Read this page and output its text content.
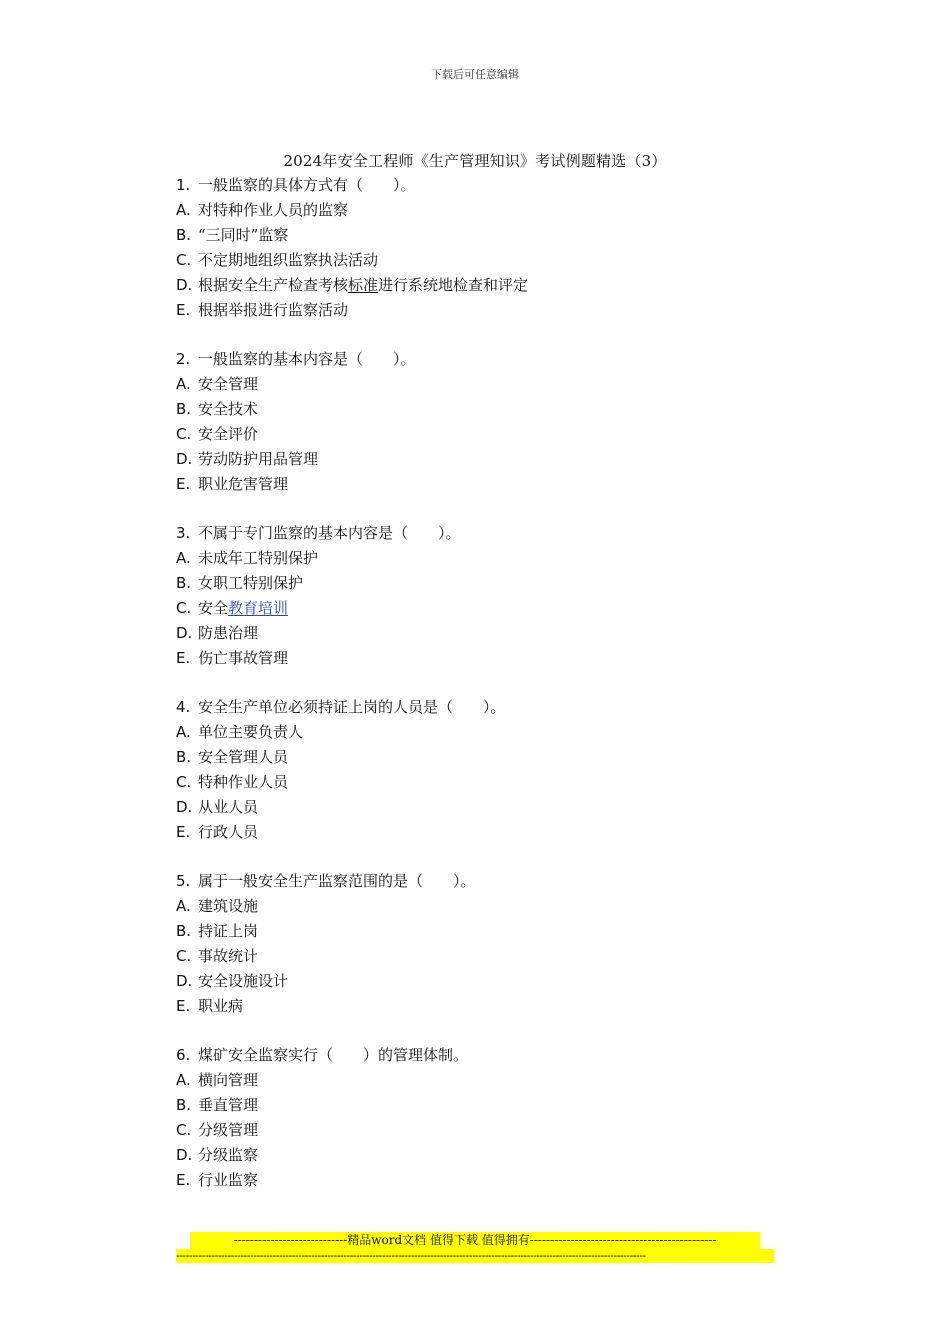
下载后可任意编辑
2024年安全工程师《生产管理知识》考试例题精选（3）
1. 一般监察的具体方式有（　　）。
A. 对特种作业人员的监察
B. “三同时”监察
C. 不定期地组织监察执法活动
D. 根据安全生产检查考核标准进行系统地检查和评定
E. 根据举报进行监察活动
2. 一般监察的基本内容是（　　）。
A. 安全管理
B. 安全技术
C. 安全评价
D. 劳动防护用品管理
E. 职业危害管理
3. 不属于专门监察的基本内容是（　　）。
A. 未成年工特别保护
B. 女职工特别保护
C. 安全教育培训
D. 防患治理
E. 伤亡事故管理
4. 安全生产单位必须持证上岗的人员是（　　）。
A. 单位主要负责人
B. 安全管理人员
C. 特种作业人员
D. 从业人员
E. 行政人员
5. 属于一般安全生产监察范围的是（　　）。
A. 建筑设施
B. 持证上岗
C. 事故统计
D. 安全设施设计
E. 职业病
6. 煤矿安全监察实行（　　）的管理体制。
A. 横向管理
B. 垂直管理
C. 分级管理
D. 分级监察
E. 行业监察
----------------------------精品word文档 值得下载 值得拥有----------------------------------------------
--------------------------------------------------------------------------------------------------------------------------------------------------
